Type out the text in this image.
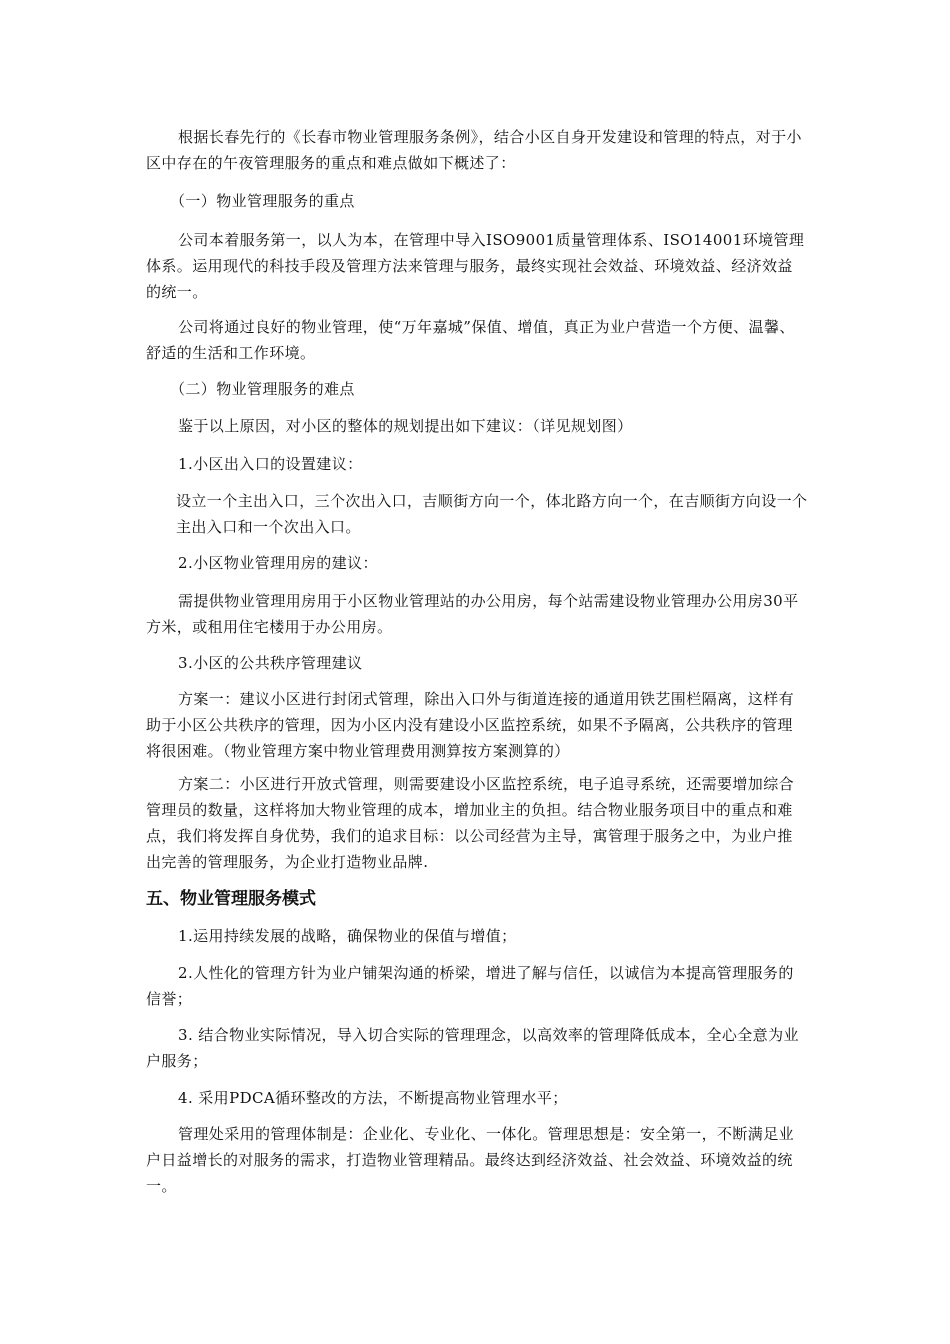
根据长春先行的《长春市物业管理服务条例》，结合小区自身开发建设和管理的特点，对于小区中存在的午夜管理服务的重点和难点做如下概述了：

（一）物业管理服务的重点

公司本着服务第一，以人为本，在管理中导入ISO9001质量管理体系、ISO14001环境管理体系。运用现代的科技手段及管理方法来管理与服务，最终实现社会效益、环境效益、经济效益的统一。

公司将通过良好的物业管理，使“万年嘉城”保值、增值，真正为业户营造一个方便、温馨、舒适的生活和工作环境。

（二）物业管理服务的难点

鉴于以上原因，对小区的整体的规划提出如下建议：（详见规划图）

1.小区出入口的设置建议：

设立一个主出入口，三个次出入口，吉顺街方向一个，体北路方向一个，在吉顺街方向设一个主出入口和一个次出入口。

2.小区物业管理用房的建议：

需提供物业管理用房用于小区物业管理站的办公用房，每个站需建设物业管理办公用房30平方米，或租用住宅楼用于办公用房。

3.小区的公共秩序管理建议

方案一：建议小区进行封闭式管理，除出入口外与街道连接的通道用铁艺围栏隔离，这样有助于小区公共秩序的管理，因为小区内没有建设小区监控系统，如果不予隔离，公共秩序的管理将很困难。（物业管理方案中物业管理费用测算按方案测算的）

方案二：小区进行开放式管理，则需要建设小区监控系统，电子追寻系统，还需要增加综合管理员的数量，这样将加大物业管理的成本，增加业主的负担。结合物业服务项目中的重点和难点，我们将发挥自身优势，我们的追求目标：以公司经营为主导，寓管理于服务之中，为业户推出完善的管理服务，为企业打造物业品牌.

五、物业管理服务模式

1.运用持续发展的战略，确保物业的保值与增值；

2.人性化的管理方针为业户铺架沟通的桥梁，增进了解与信任，以诚信为本提高管理服务的信誉；

3. 结合物业实际情况，导入切合实际的管理理念，以高效率的管理降低成本，全心全意为业户服务；

4. 采用PDCA循环整改的方法，不断提高物业管理水平；

管理处采用的管理体制是：企业化、专业化、一体化。管理思想是：安全第一，不断满足业户日益增长的对服务的需求，打造物业管理精品。最终达到经济效益、社会效益、环境效益的统一。
